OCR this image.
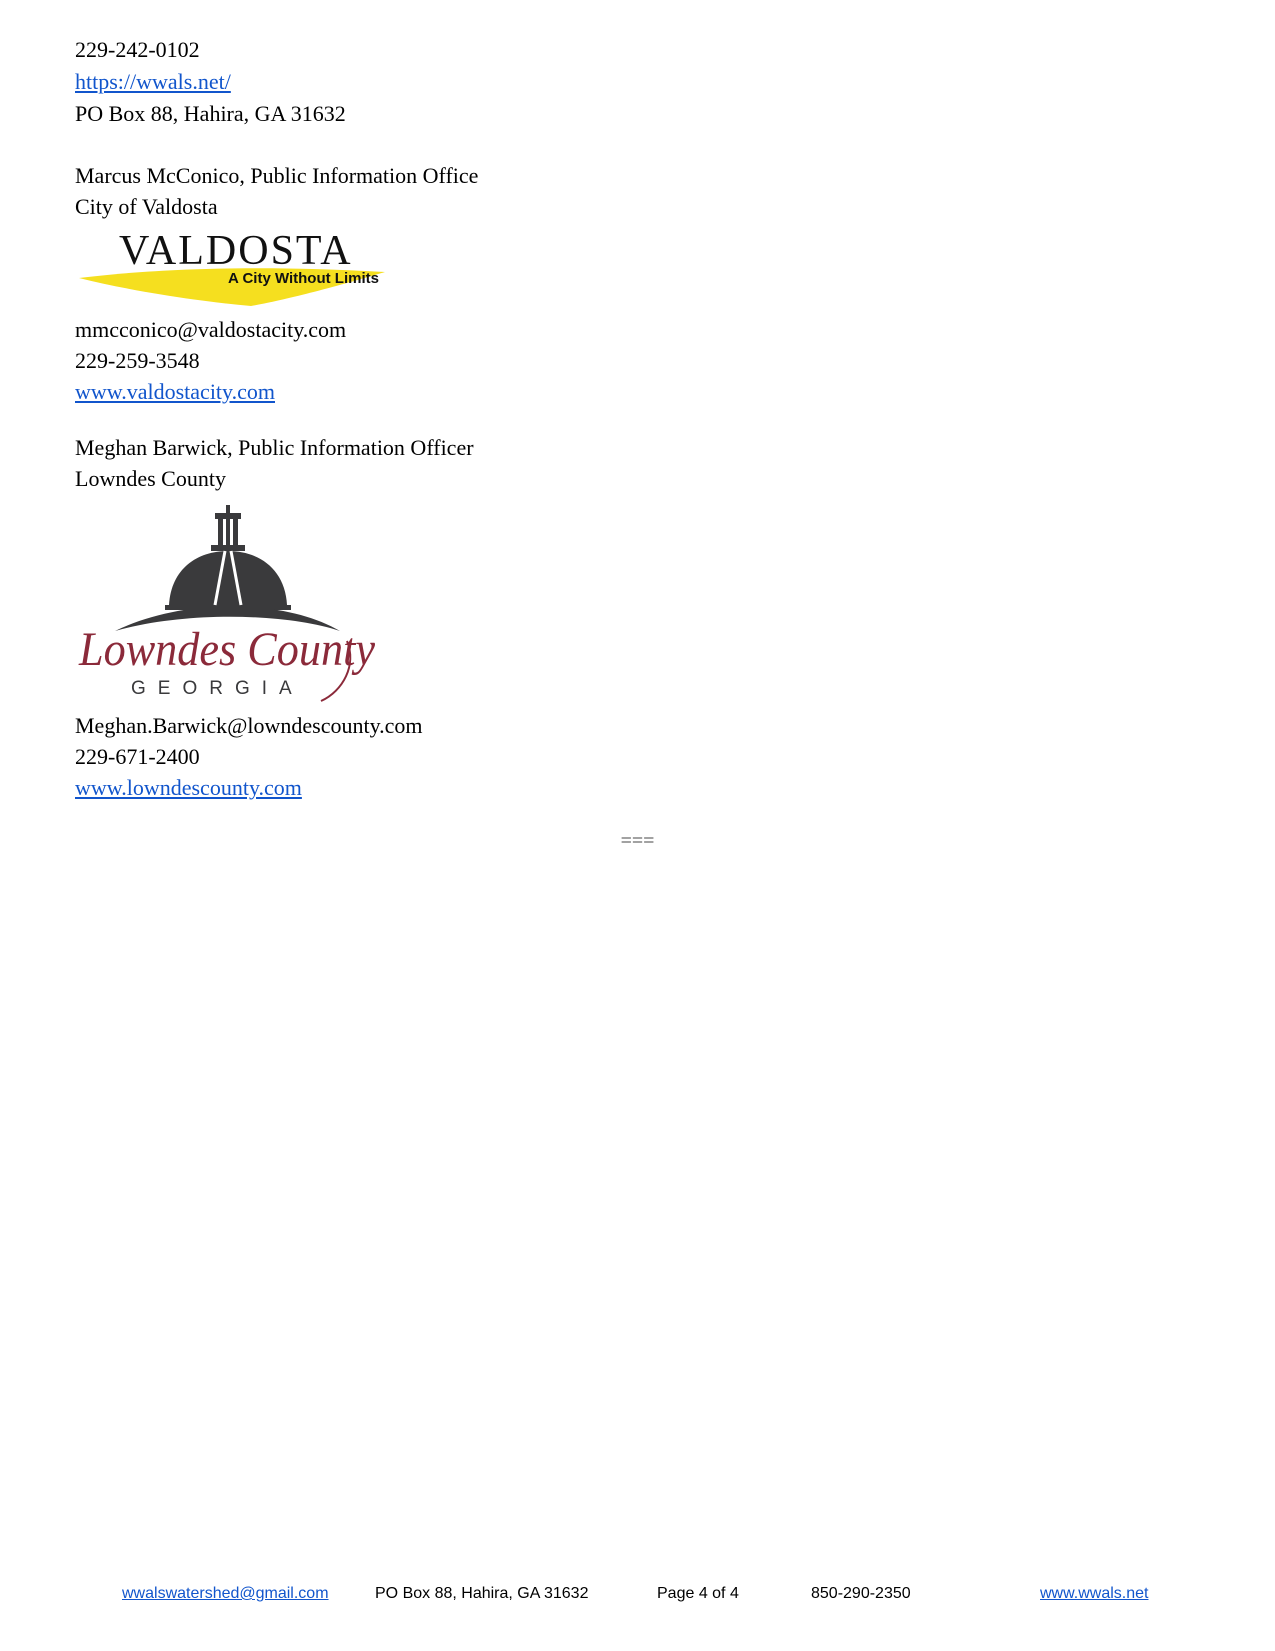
229-242-0102
https://wwals.net/
PO Box 88, Hahira, GA 31632
Marcus McConico, Public Information Office
City of Valdosta
VALDOSTA
A City Without Limits
mmcconico@valdostacity.com
229-259-3548
www.valdostacity.com
Meghan Barwick, Public Information Officer
Lowndes County
Lowndes County
GEORGIA
Meghan.Barwick@lowndescounty.com
229-671-2400
www.lowndescounty.com
===
wwalswatershed@gmail.com	PO Box 88, Hahira, GA 31632	Page 4 of 4	850-290-2350	www.wwals.net
